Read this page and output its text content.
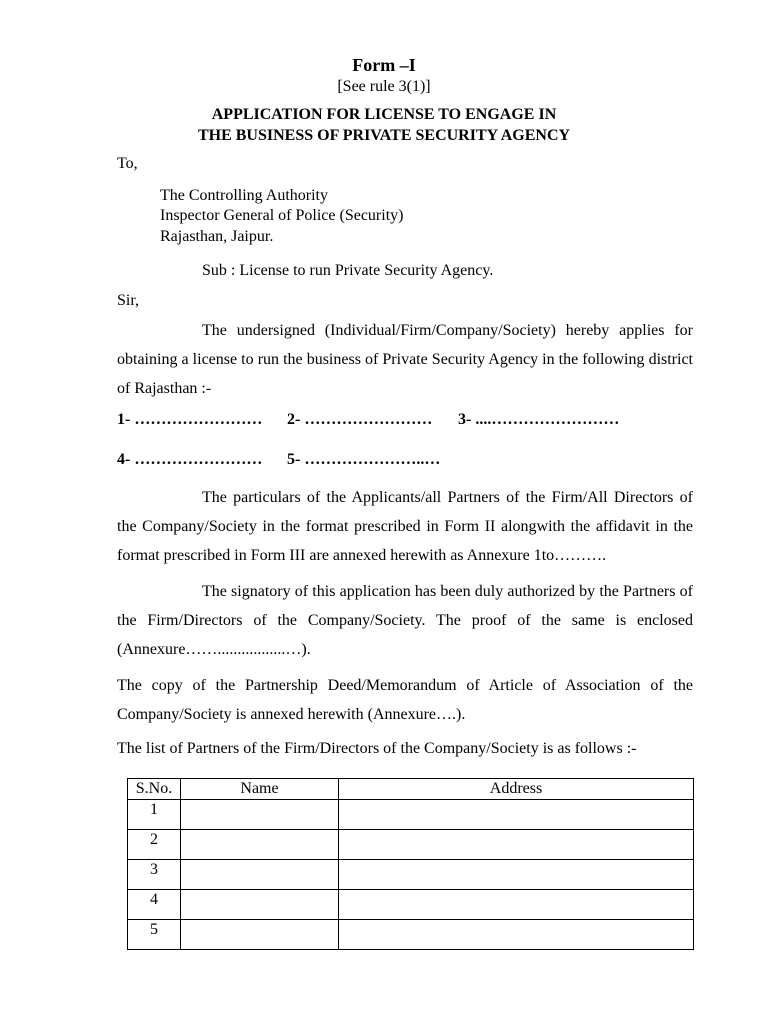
Form –I
[See rule 3(1)]
APPLICATION FOR LICENSE TO ENGAGE IN
THE BUSINESS OF PRIVATE SECURITY AGENCY
To,
The Controlling Authority
Inspector General of Police (Security)
Rajasthan, Jaipur.
Sub : License to run Private Security Agency.
Sir,
The undersigned (Individual/Firm/Company/Society) hereby applies for obtaining a license to run the business of Private Security Agency in the following district of Rajasthan :-
1- …………………… 2- …………………… 3- ....……………………
4- …………………… 5- …………………..…
The particulars of the Applicants/all Partners of the Firm/All Directors of the Company/Society in the format prescribed in Form II alongwith the affidavit in the format prescribed in Form III are annexed herewith as Annexure 1to……….
The signatory of this application has been duly authorized by the Partners of the Firm/Directors of the Company/Society. The proof of the same is enclosed (Annexure…….................…).
The copy of the Partnership Deed/Memorandum of Article of Association of the Company/Society is annexed herewith (Annexure….).
The list of Partners of the Firm/Directors of the Company/Society is as follows :-
S.No.	Name	Address
1		
2		
3		
4		
5		
